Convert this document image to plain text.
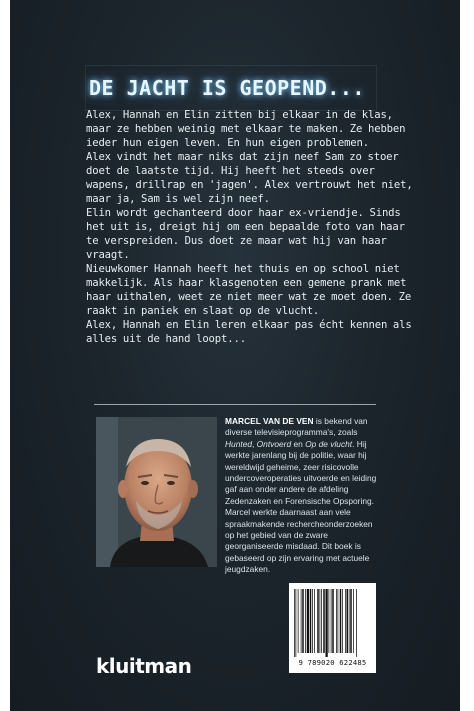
DE JACHT IS GEOPEND...

Alex, Hannah en Elin zitten bij elkaar in de klas, maar ze hebben weinig met elkaar te maken. Ze hebben ieder hun eigen leven. En hun eigen problemen.

Alex vindt het maar niks dat zijn neef Sam zo stoer doet de laatste tijd. Hij heeft het steeds over wapens, drillrap en 'jagen'. Alex vertrouwt het niet, maar ja, Sam is wel zijn neef.

Elin wordt gechanteerd door haar ex-vriendje. Sinds het uit is, dreigt hij om een bepaalde foto van haar te verspreiden. Dus doet ze maar wat hij van haar vraagt.

Nieuwkomer Hannah heeft het thuis en op school niet makkelijk. Als haar klasgenoten een gemene prank met haar uithalen, weet ze niet meer wat ze moet doen. Ze raakt in paniek en slaat op de vlucht.

Alex, Hannah en Elin leren elkaar pas écht kennen als alles uit de hand loopt...

MARCEL VAN DE VEN is bekend van diverse televisieprogramma's, zoals Hunted, Ontvoerd en Op de vlucht. Hij werkte jarenlang bij de politie, waar hij wereldwijd geheime, zeer risicovolle undercoveroperaties uitvoerde en leiding gaf aan onder andere de afdeling Zedenzaken en Forensische Opsporing. Marcel werkte daarnaast aan vele spraakmakende rechercheonderzoeken op het gebied van de zware georganiseerde misdaad. Dit boek is gebaseerd op zijn ervaring met actuele jeugdzaken.

kluitman	9 789020 622485
